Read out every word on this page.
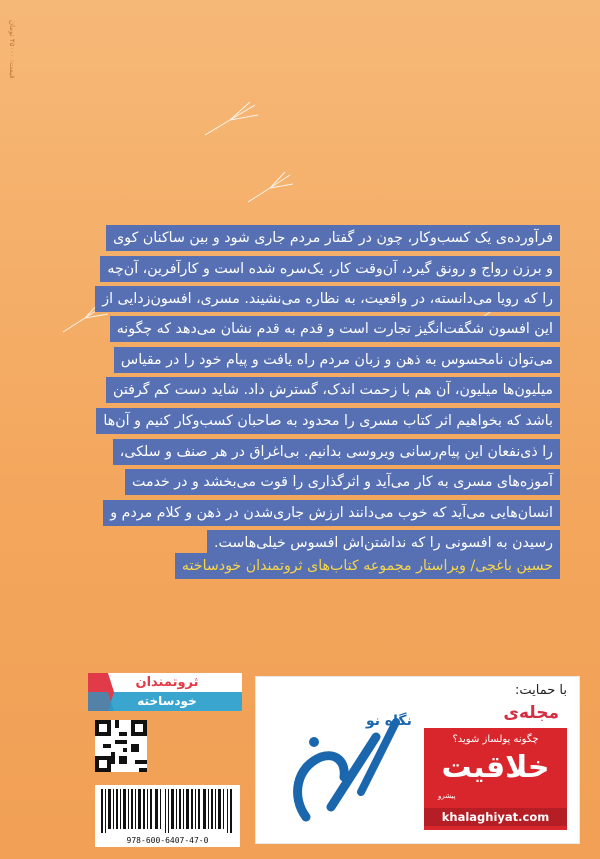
قیمت: ۴۵۰۰۰ تومان
فرآورده‌ی یک کسب‌وکار، چون در گفتار مردم جاری شود و بین ساکنان کوی
و برزن رواج و رونق گیرد، آن‌وقت کار، یک‌سره شده است و کارآفرین، آن‌چه
را که رویا می‌دانسته، در واقعیت، به نظاره می‌نشیند. مسری، افسون‌زدایی از
این افسون شگفت‌انگیز تجارت است و قدم به قدم نشان می‌دهد که چگونه
می‌توان نامحسوس به ذهن و زبان مردم راه یافت و پیام خود را در مقیاس
میلیون‌ها میلیون، آن هم با زحمت اندک، گسترش داد. شاید دست کم گرفتن
باشد که بخواهیم اثر کتاب مسری را محدود به صاحبان کسب‌وکار کنیم و آن‌ها
را ذی‌نفعان این پیام‌رسانی ویروسی بدانیم. بی‌اغراق در هر صنف و سلکی،
آموزه‌های مسری به کار می‌آید و اثرگذاری را قوت می‌بخشد و در خدمت
انسان‌هایی می‌آید که خوب می‌دانند ارزش جاری‌شدن در ذهن و کلام مردم و
رسیدن به افسونی را که نداشتن‌اش افسوس خیلی‌هاست.
حسین باغچی/ ویراستار مجموعه کتاب‌های ثروتمندان خودساخته
ثروتمندان
خودساخته
978-600-6407-47-0
با حمایت:
مجله‌ی
چگونه پولساز شوید؟
خلاقیت
پیشرو
khalaghiyat.com
نگاه نو
